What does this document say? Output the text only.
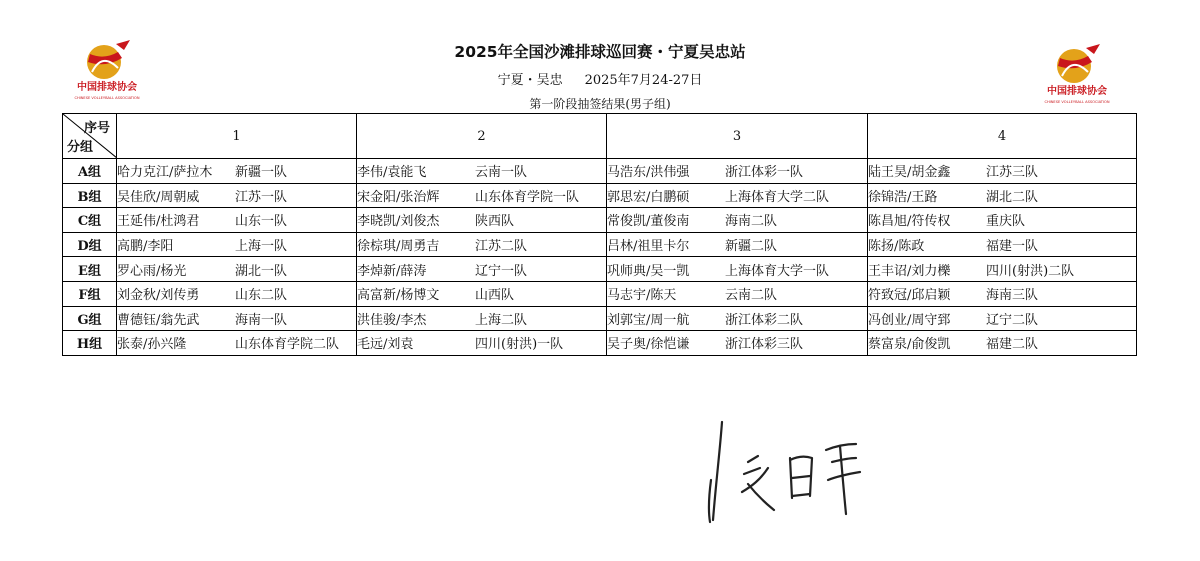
中国排球协会
CHINESE VOLLEYBALL ASSOCIATION
中国排球协会
CHINESE VOLLEYBALL ASSOCIATION
2025年全国沙滩排球巡回赛・宁夏吴忠站
宁夏・吴忠 2025年7月24-27日
第一阶段抽签结果(男子组)
序号
分组	1	2	3	4
A组	哈力克江/萨拉木 新疆一队	李伟/袁能飞 云南一队	马浩东/洪伟强 浙江体彩一队	陆王昊/胡金鑫 江苏三队
B组	吴佳欣/周朝威 江苏一队	宋金阳/张治辉 山东体育学院一队	郭思宏/白鹏硕 上海体育大学二队	徐锦浩/王路 湖北二队
C组	王延伟/杜鸿君 山东一队	李晓凯/刘俊杰 陕西队	常俊凯/董俊南 海南二队	陈昌旭/符传权 重庆队
D组	高鹏/李阳 上海一队	徐棕琪/周勇吉 江苏二队	吕林/祖里卡尔 新疆二队	陈扬/陈政 福建一队
E组	罗心雨/杨光 湖北一队	李焯新/薛涛 辽宁一队	巩师典/吴一凯 上海体育大学一队	王丰诏/刘力櫟 四川(射洪)二队
F组	刘金秋/刘传勇 山东二队	高富新/杨博文 山西队	马志宇/陈天 云南二队	符致冠/邱启颖 海南三队
G组	曹德钰/翁先武 海南一队	洪佳骏/李杰 上海二队	刘郭宝/周一航 浙江体彩二队	冯创业/周守郅 辽宁二队
H组	张泰/孙兴隆 山东体育学院二队	毛远/刘袁 四川(射洪)一队	吴子奥/徐恺谦 浙江体彩三队	蔡富泉/俞俊凯 福建二队
